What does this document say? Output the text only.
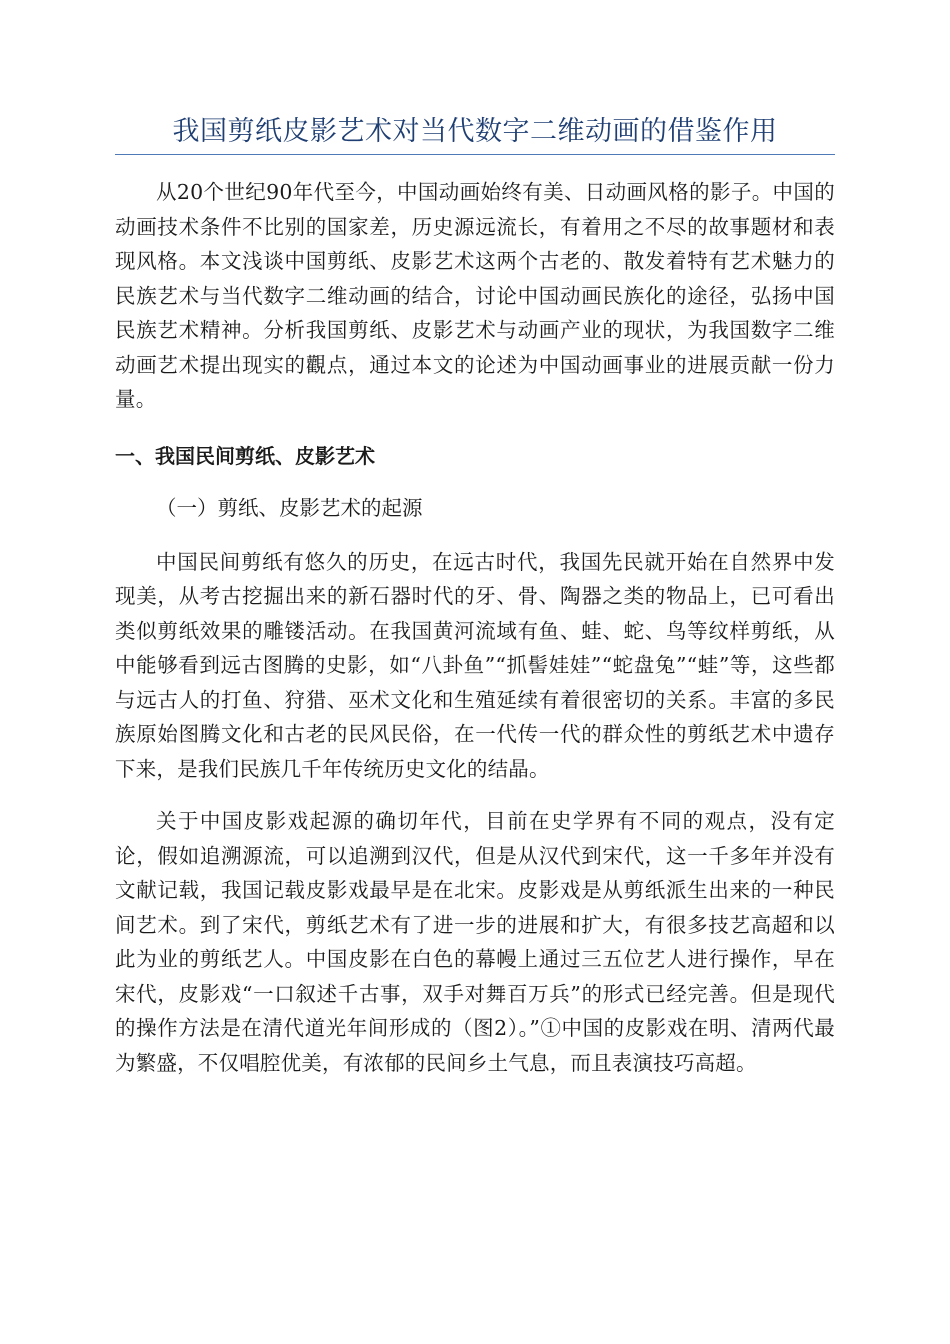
我国剪纸皮影艺术对当代数字二维动画的借鉴作用

从20个世纪90年代至今，中国动画始终有美、日动画风格的影子。中国的动画技术条件不比别的国家差，历史源远流长，有着用之不尽的故事题材和表现风格。本文浅谈中国剪纸、皮影艺术这两个古老的、散发着特有艺术魅力的民族艺术与当代数字二维动画的结合，讨论中国动画民族化的途径，弘扬中国民族艺术精神。分析我国剪纸、皮影艺术与动画产业的现状，为我国数字二维动画艺术提出现实的觀点，通过本文的论述为中国动画事业的进展贡献一份力量。

一、我国民间剪纸、皮影艺术

（一）剪纸、皮影艺术的起源

中国民间剪纸有悠久的历史，在远古时代，我国先民就开始在自然界中发现美，从考古挖掘出来的新石器时代的牙、骨、陶器之类的物品上，已可看出类似剪纸效果的雕镂活动。在我国黄河流域有鱼、蛙、蛇、鸟等纹样剪纸，从中能够看到远古图腾的史影，如“八卦鱼”“抓髻娃娃”“蛇盘兔”“蛙”等，这些都与远古人的打鱼、狩猎、巫术文化和生殖延续有着很密切的关系。丰富的多民族原始图腾文化和古老的民风民俗，在一代传一代的群众性的剪纸艺术中遗存下来，是我们民族几千年传统历史文化的结晶。

关于中国皮影戏起源的确切年代，目前在史学界有不同的观点，没有定论，假如追溯源流，可以追溯到汉代，但是从汉代到宋代，这一千多年并没有文献记载，我国记载皮影戏最早是在北宋。皮影戏是从剪纸派生出来的一种民间艺术。到了宋代，剪纸艺术有了进一步的进展和扩大，有很多技艺高超和以此为业的剪纸艺人。中国皮影在白色的幕幔上通过三五位艺人进行操作，早在宋代，皮影戏“一口叙述千古事，双手对舞百万兵”的形式已经完善。但是现代的操作方法是在清代道光年间形成的（图2）。”①中国的皮影戏在明、清两代最为繁盛，不仅唱腔优美，有浓郁的民间乡土气息，而且表演技巧高超。
